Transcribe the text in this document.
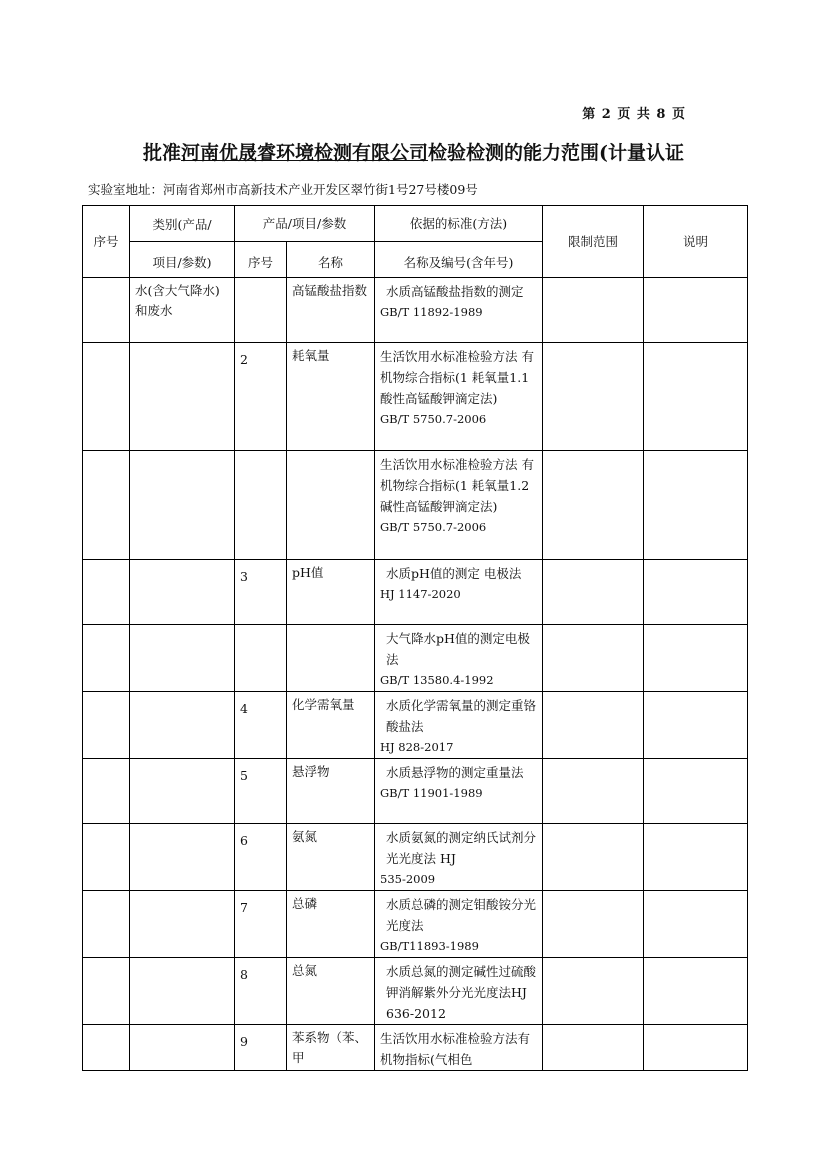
第 2 页 共 8 页
批准河南优晟睿环境检测有限公司检验检测的能力范围(计量认证
实验室地址：河南省郑州市高新技术产业开发区翠竹街1号27号楼09号
序号	类别(产品/	产品/项目/参数		依据的标准(方法)	限制范围	说明
	项目/参数)	序号	名称	名称及编号(含年号)		
	水(含大气降水)和废水		高锰酸盐指数	水质高锰酸盐指数的测定
GB/T 11892-1989		

		2	耗氧量	生活饮用水标准检验方法 有机物综合指标(1 耗氧量1.1酸性高锰酸钾滴定法)
GB/T 5750.7-2006		

				生活饮用水标准检验方法 有机物综合指标(1 耗氧量1.2碱性高锰酸钾滴定法)
GB/T 5750.7-2006		

		3	pH值	水质pH值的测定 电极法
HJ 1147-2020		

				大气降水pH值的测定电极法
GB/T 13580.4-1992		

		4	化学需氧量	水质化学需氧量的测定重铬酸盐法
HJ 828-2017		

		5	悬浮物	水质悬浮物的测定重量法
GB/T 11901-1989		

		6	氨氮	水质氨氮的测定纳氏试剂分光光度法 HJ
535-2009		

		7	总磷	水质总磷的测定钼酸铵分光光度法
GB/T11893-1989		

		8	总氮	水质总氮的测定碱性过硫酸钾消解紫外分光光度法HJ 636-2012		

		9	苯系物（苯、甲	生活饮用水标准检验方法有机物指标(气相色		
